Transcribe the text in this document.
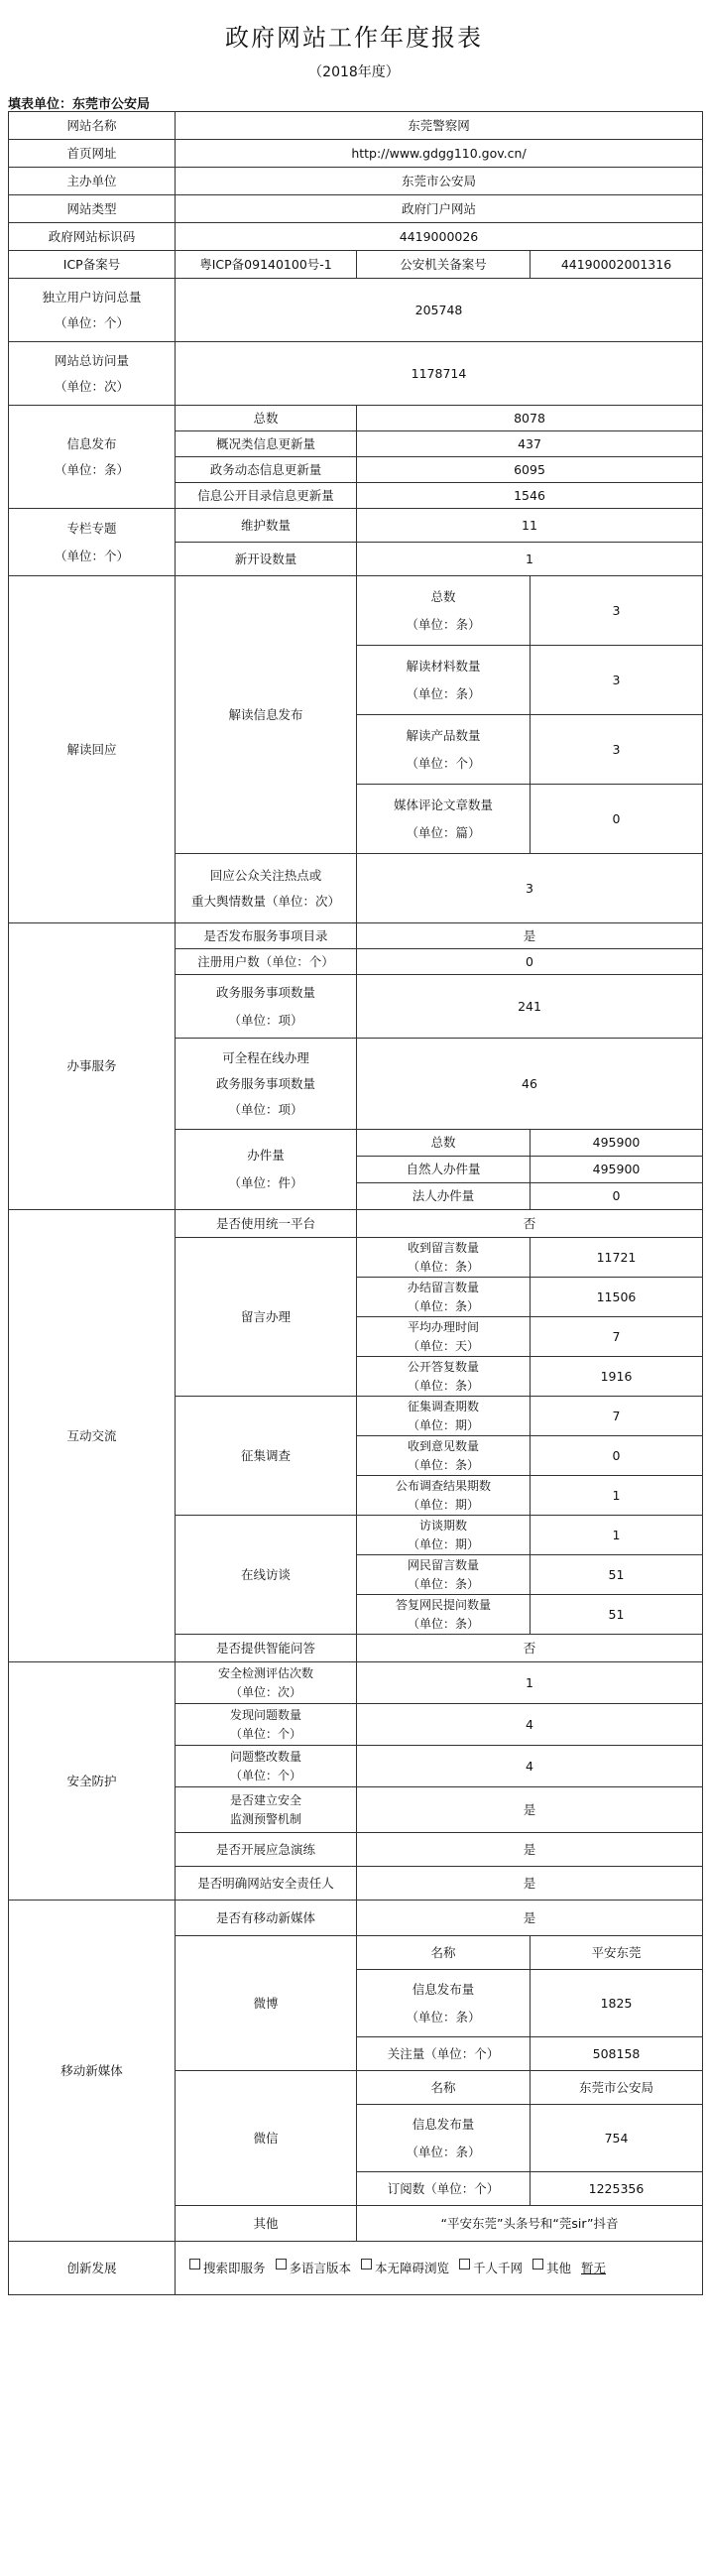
政府网站工作年度报表
（2018年度）
填表单位：东莞市公安局
网站名称	东莞警察网		
首页网址	http://www.gdgg110.gov.cn/		
主办单位	东莞市公安局		
网站类型	政府门户网站		
政府网站标识码	4419000026		
ICP备案号	粤ICP备09140100号-1	公安机关备案号	44190002001316

独立用户访问总量
（单位：个）	205748		

网站总访问量
（单位：次）	1178714		

信息发布
（单位：条）	总数	8078	
	概况类信息更新量	437	
	政务动态信息更新量	6095	
	信息公开目录信息更新量	1546	

专栏专题
（单位：个）	维护数量	11	
	新开设数量	1	
解读回应	解读信息发布	总数
（单位：条）	3

		解读材料数量
（单位：条）	3

		解读产品数量
（单位：个）	3

		媒体评论文章数量
（单位：篇）	0

	回应公众关注热点或
重大舆情数量（单位：次）	3	
办事服务	是否发布服务事项目录	是	
	注册用户数（单位：个）	0	

	政务服务事项数量
（单位：项）	241	

	可全程在线办理
政务服务事项数量
（单位：项）	46	

	办件量
（单位：件）	总数	495900
		自然人办件量	495900
		法人办件量	0
互动交流	是否使用统一平台	否	
	留言办理	收到留言数量
（单位：条）	11721

		办结留言数量
（单位：条）	11506

		平均办理时间
（单位：天）	7

		公开答复数量
（单位：条）	1916
	征集调查	征集调查期数
（单位：期）	7

		收到意见数量
（单位：条）	0

		公布调查结果期数
（单位：期）	1
	在线访谈	访谈期数
（单位：期）	1

		网民留言数量
（单位：条）	51

		答复网民提问数量
（单位：条）	51
	是否提供智能问答	否	
安全防护	安全检测评估次数
（单位：次）	1	

	发现问题数量
（单位：个）	4	

	问题整改数量
（单位：个）	4	

	是否建立安全
监测预警机制	是	
	是否开展应急演练	是	
	是否明确网站安全责任人	是	
移动新媒体	是否有移动新媒体	是	
	微博	名称	平安东莞

		信息发布量
（单位：条）	1825
		关注量（单位：个）	508158
	微信	名称	东莞市公安局

		信息发布量
（单位：条）	754
		订阅数（单位：个）	1225356
	其他	“平安东莞”头条号和“莞sir”抖音	
创新发展	搜索即服务 多语言版本 本无障碍浏览 千人千网 其他 暂无		
